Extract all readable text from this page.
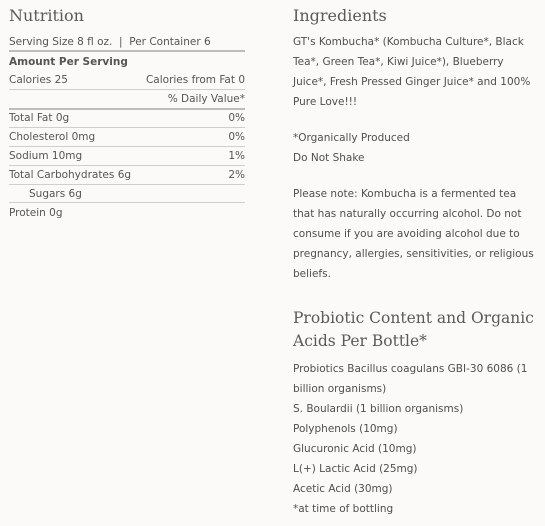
Nutrition
Serving Size 8 fl oz.  |  Per Container 6
Amount Per Serving
Calories 25	Calories from Fat 0
% Daily Value*
Total Fat 0g	0%
Cholesterol 0mg	0%
Sodium 10mg	1%
Total Carbohydrates 6g	2%
Sugars 6g
Protein 0g
Ingredients

GT's Kombucha* (Kombucha Culture*, Black Tea*, Green Tea*, Kiwi Juice*), Blueberry Juice*, Fresh Pressed Ginger Juice* and 100% Pure Love!!!

*Organically Produced

Do Not Shake

Please note: Kombucha is a fermented tea that has naturally occurring alcohol. Do not consume if you are avoiding alcohol due to pregnancy, allergies, sensitivities, or religious beliefs.

Probiotic Content and Organic Acids Per Bottle*
Probiotics Bacillus coagulans GBI-30 6086 (1 billion organisms)
S. Boulardii (1 billion organisms)
Polyphenols (10mg)
Glucuronic Acid (10mg)
L(+) Lactic Acid (25mg)
Acetic Acid (30mg)
*at time of bottling
